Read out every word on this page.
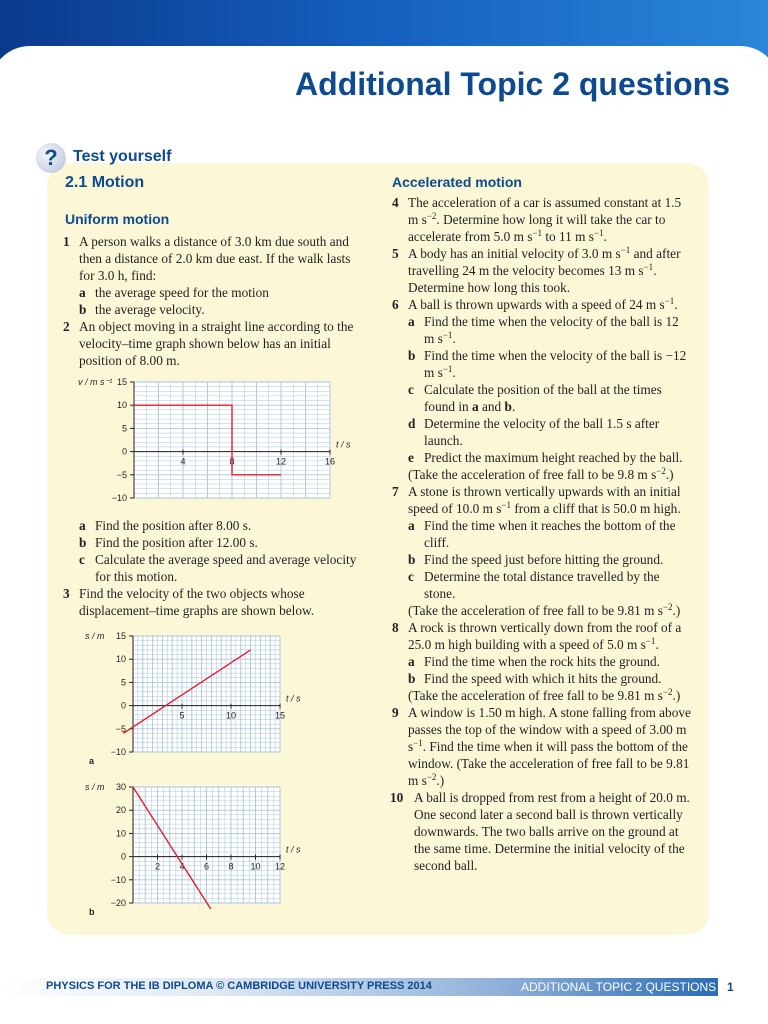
Additional Topic 2 questions
? Test yourself
2.1 Motion
Uniform motion
1 A person walks a distance of 3.0 km due south and then a distance of 2.0 km due east. If the walk lasts for 3.0 h, find:
a the average speed for the motion
b the average velocity.
2 An object moving in a straight line according to the velocity–time graph shown below has an initial position of 8.00 m.
15
10
5
0
−5
−10
4	8	12	16
t / s
v / m s⁻¹
a Find the position after 8.00 s.
b Find the position after 12.00 s.
c Calculate the average speed and average velocity for this motion.
3 Find the velocity of the two objects whose displacement–time graphs are shown below.
15
10
5
0
−5
−10
5	10	15
t / s
s / m
a
30
20
10
0
−10
−20
2 4 6 8 10 12
t / s
s / m
b
Accelerated motion
4 The acceleration of a car is assumed constant at 1.5 m $s^{-2}$. Determine how long it will take the car to accelerate from 5.0 m $s^{-1}$ to 11 m $s^{-1}$.
5 A body has an initial velocity of 3.0 m $s^{-1}$ and after travelling 24 m the velocity becomes 13 m $s^{-1}$. Determine how long this took.
6 A ball is thrown upwards with a speed of 24 m $s^{-1}$.
a Find the time when the velocity of the ball is 12 m $s^{-1}$.
b Find the time when the velocity of the ball is −12 m $s^{-1}$.
c Calculate the position of the ball at the times found in a and b.
d Determine the velocity of the ball 1.5 s after launch.
e Predict the maximum height reached by the ball.
(Take the acceleration of free fall to be 9.8 m $s^{-2}$.)
7 A stone is thrown vertically upwards with an initial speed of 10.0 m $s^{-1}$ from a cliff that is 50.0 m high.
a Find the time when it reaches the bottom of the cliff.
b Find the speed just before hitting the ground.
c Determine the total distance travelled by the stone.
(Take the acceleration of free fall to be 9.81 m $s^{-2}$.)
8 A rock is thrown vertically down from the roof of a 25.0 m high building with a speed of 5.0 m $s^{-1}$.
a Find the time when the rock hits the ground.
b Find the speed with which it hits the ground.
(Take the acceleration of free fall to be 9.81 m $s^{-2}$.)
9 A window is 1.50 m high. A stone falling from above passes the top of the window with a speed of 3.00 m $s^{-1}$. Find the time when it will pass the bottom of the window. (Take the acceleration of free fall to be 9.81 m $s^{-2}$.)
10 A ball is dropped from rest from a height of 20.0 m. One second later a second ball is thrown vertically downwards. The two balls arrive on the ground at the same time. Determine the initial velocity of the second ball.
PHYSICS FOR THE IB DIPLOMA © CAMBRIDGE UNIVERSITY PRESS 2014	ADDITIONAL TOPIC 2 QUESTIONS 1
